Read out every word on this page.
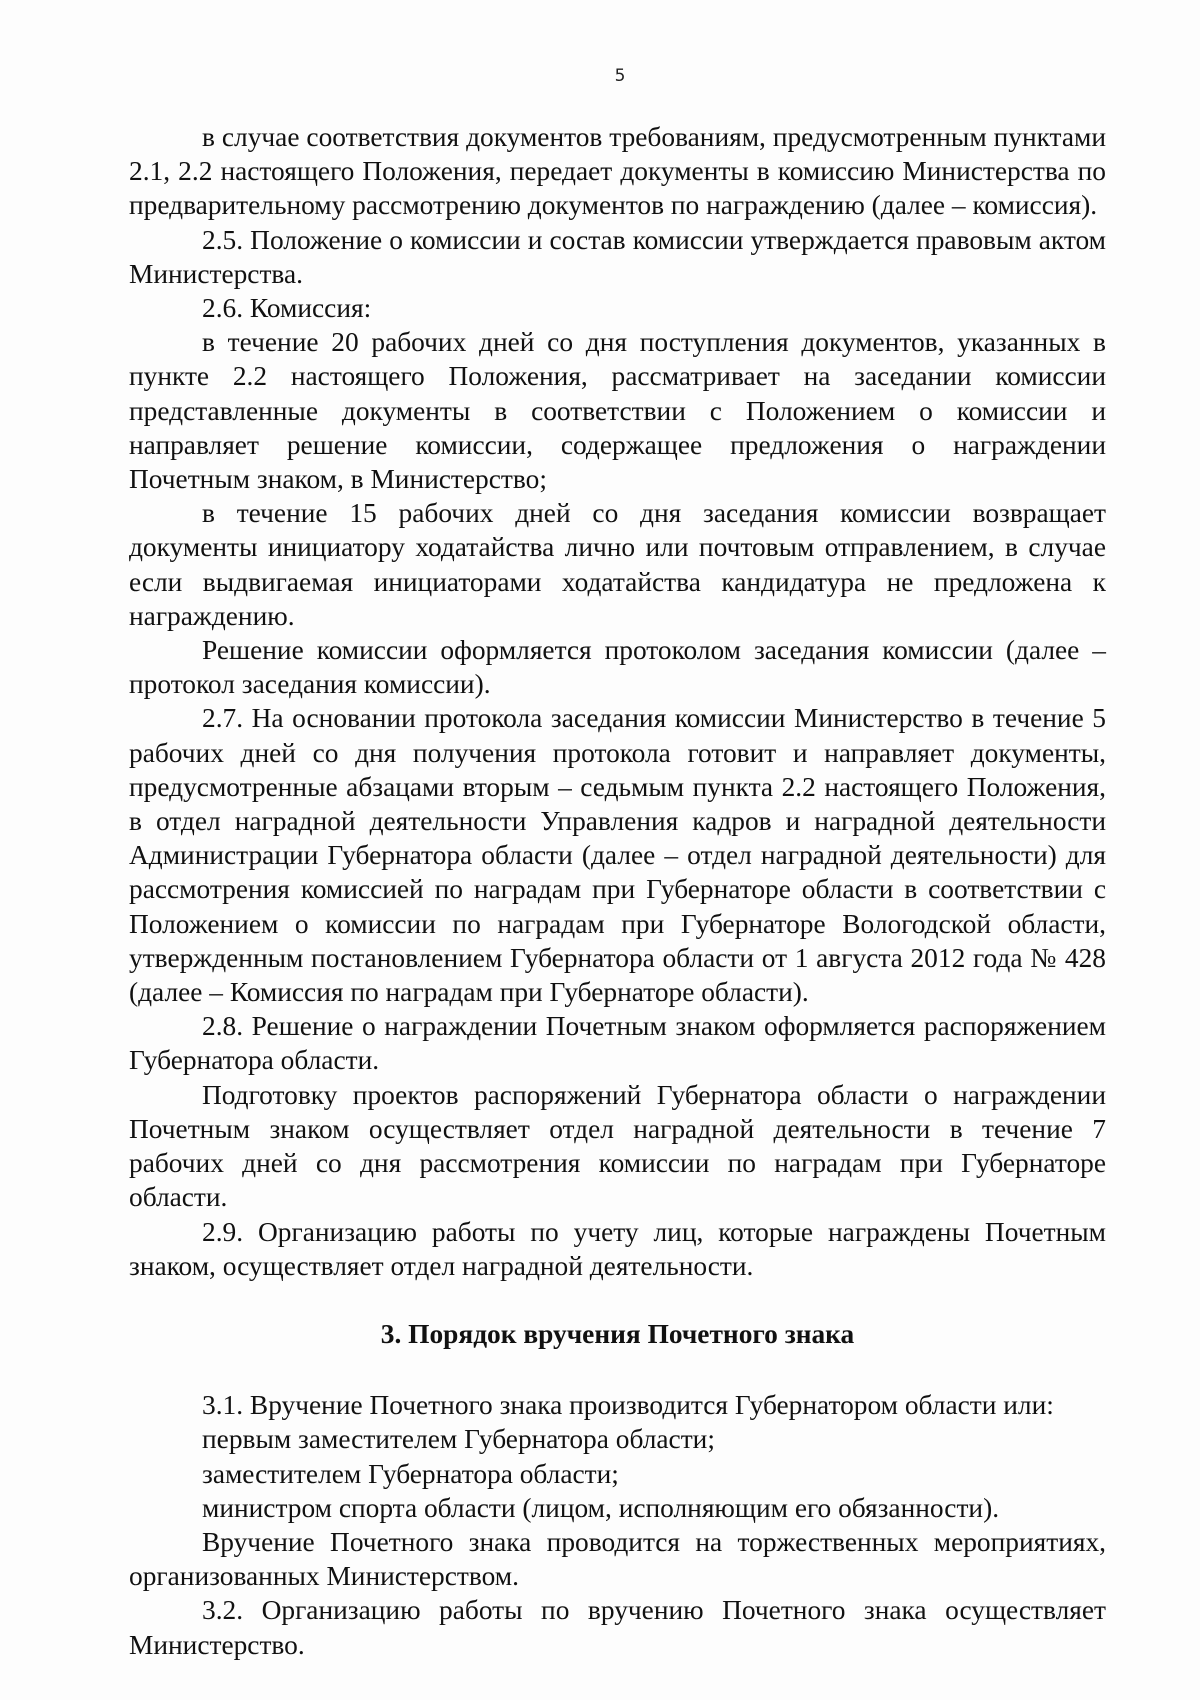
5

в случае соответствия документов требованиям, предусмотренным пунктами 2.1, 2.2 настоящего Положения, передает документы в комиссию Министерства по предварительному рассмотрению документов по награждению (далее – комиссия).

2.5. Положение о комиссии и состав комиссии утверждается правовым актом Министерства.

2.6. Комиссия:

в течение 20 рабочих дней со дня поступления документов, указанных в пункте 2.2 настоящего Положения, рассматривает на заседании комиссии представленные документы в соответствии с Положением о комиссии и направляет решение комиссии, содержащее предложения о награждении Почетным знаком, в Министерство;

в течение 15 рабочих дней со дня заседания комиссии возвращает документы инициатору ходатайства лично или почтовым отправлением, в случае если выдвигаемая инициаторами ходатайства кандидатура не предложена к награждению.

Решение комиссии оформляется протоколом заседания комиссии (далее – протокол заседания комиссии).

2.7. На основании протокола заседания комиссии Министерство в течение 5 рабочих дней со дня получения протокола готовит и направляет документы, предусмотренные абзацами вторым – седьмым пункта 2.2 настоящего Положения, в отдел наградной деятельности Управления кадров и наградной деятельности Администрации Губернатора области (далее – отдел наградной деятельности) для рассмотрения комиссией по наградам при Губернаторе области в соответствии с Положением о комиссии по наградам при Губернаторе Вологодской области, утвержденным постановлением Губернатора области от 1 августа 2012 года № 428 (далее – Комиссия по наградам при Губернаторе области).

2.8. Решение о награждении Почетным знаком оформляется распоряжением Губернатора области.

Подготовку проектов распоряжений Губернатора области о награждении Почетным знаком осуществляет отдел наградной деятельности в течение 7 рабочих дней со дня рассмотрения комиссии по наградам при Губернаторе области.

2.9. Организацию работы по учету лиц, которые награждены Почетным знаком, осуществляет отдел наградной деятельности.

3. Порядок вручения Почетного знака

3.1. Вручение Почетного знака производится Губернатором области или:

первым заместителем Губернатора области;

заместителем Губернатора области;

министром спорта области (лицом, исполняющим его обязанности).

Вручение Почетного знака проводится на торжественных мероприятиях, организованных Министерством.

3.2. Организацию работы по вручению Почетного знака осуществляет Министерство.
